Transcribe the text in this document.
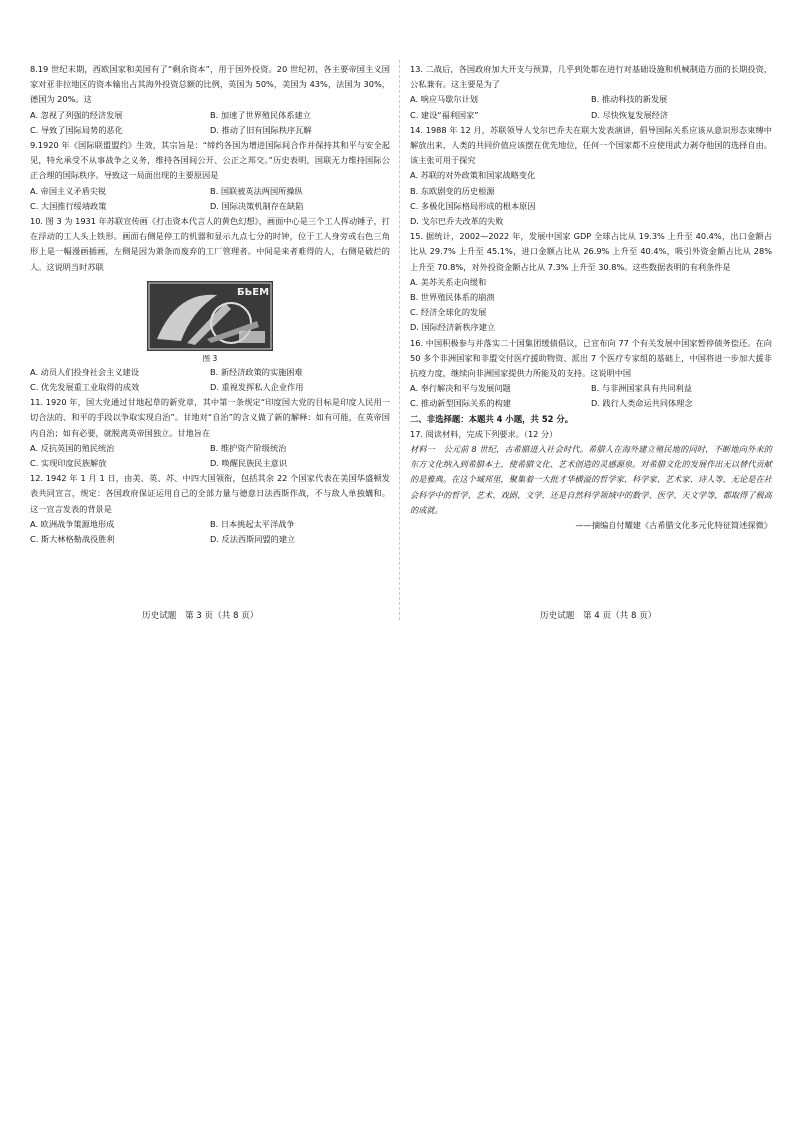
8.19 世纪末期，西欧国家和美国有了“剩余资本”，用于国外投资。20 世纪初，各主要帝国主义国家对亚非拉地区的资本输出占其海外投资总额的比例，英国为 50%，美国为 43%，法国为 30%，德国为 20%。这

A. 忽视了列强的经济发展	B. 加速了世界殖民体系建立
C. 导致了国际局势的恶化	D. 推动了旧有国际秩序瓦解

9.1920 年《国际联盟盟约》生效，其宗旨是：“缔约各国为增进国际间合作并保持其和平与安全起见，特允承受不从事战争之义务，维持各国间公开、公正之邦交。”历史表明，国联无力维持国际公正合理的国际秩序。导致这一局面出现的主要原因是

A. 帝国主义矛盾尖锐	B. 国联被英法两国所操纵
C. 大国推行绥靖政策	D. 国际决策机制存在缺陷

10. 图 3 为 1931 年苏联宣传画《打击资本代言人的黄色幻想》，画面中心是三个工人挥动锤子，打在浮动的工人头上铁形。画面右侧是停工的机器和显示九点七分的时钟，位于工人身旁或右色三角形上是一幅漫画插画，左侧是因为萧条而废弃的工厂管理者。中间是来者难得的人，右侧是破烂的人。这说明当时苏联

БЬЕМ

图 3

A. 动员人们投身社会主义建设	B. 新经济政策的实施困难
C. 优先发展重工业取得的成效	D. 重视发挥私人企业作用

11. 1920 年，国大党通过甘地起草的新党章，其中第一条规定“印度国大党的目标是印度人民用一切合法的、和平的手段以争取实现自治”。甘地对“自治”的含义做了新的解释：如有可能，在英帝国内自治；如有必要，就脱离英帝国独立。甘地旨在

A. 反抗英国的殖民统治	B. 维护资产阶级统治
C. 实现印度民族解放	D. 唤醒民族民主意识

12. 1942 年 1 月 1 日，由美、英、苏、中四大国领衔，包括其余 22 个国家代表在美国华盛顿发表共同宣言，规定：各国政府保证运用自己的全部力量与德意日法西斯作战，不与敌人单独媾和。这一宣言发表的背景是

A. 欧洲战争策源地形成	B. 日本挑起太平洋战争
C. 斯大林格勒战役胜利	D. 反法西斯同盟的建立

13. 二战后，各国政府加大开支与预算，几乎到处都在进行对基础设施和机械制造方面的长期投资，公私兼有。这主要是为了

A. 响应马歇尔计划	B. 推动科技的新发展
C. 建设“福利国家”	D. 尽快恢复发展经济

14. 1988 年 12 月，苏联领导人戈尔巴乔夫在联大发表演讲，倡导国际关系应该从意识形态束缚中解放出来，人类的共同价值应该摆在优先地位，任何一个国家都不应使用武力剥夺他国的选择自由。该主张可用于探究

A. 苏联的对外政策和国家战略变化
B. 东欧剧变的历史根源
C. 多极化国际格局形成的根本原因
D. 戈尔巴乔夫改革的失败

15. 据统计，2002—2022 年，发展中国家 GDP 全球占比从 19.3% 上升至 40.4%，出口金额占比从 29.7% 上升至 45.1%，进口金额占比从 26.9% 上升至 40.4%，吸引外资金额占比从 28% 上升至 70.8%，对外投资金额占比从 7.3% 上升至 30.8%。这些数据表明的有利条件是

A. 美苏关系走向缓和
B. 世界殖民体系的崩溃
C. 经济全球化的发展
D. 国际经济新秩序建立

16. 中国积极参与并落实二十国集团缓债倡议，已宣布向 77 个有关发展中国家暂停债务偿还。在向 50 多个非洲国家和非盟交付医疗援助物资、派出 7 个医疗专家组的基础上，中国将进一步加大援非抗疫力度，继续向非洲国家提供力所能及的支持。这说明中国

A. 奉行解决和平与发展问题	B. 与非洲国家具有共同利益
C. 推动新型国际关系的构建	D. 践行人类命运共同体理念

二、非选择题：本题共 4 小题，共 52 分。

17. 阅读材料，完成下列要求。（12 分）

材料一　公元前 8 世纪，古希腊进入社会时代。希腊人在海外建立殖民地的同时，不断地向外来的东方文化纳入到希腊本土，使希腊文化、艺术创造的灵感源泉。对希腊文化的发展作出无以替代贡献的是雅典。在这个城邦里，聚集着一大批才华横溢的哲学家、科学家、艺术家、诗人等，无论是在社会科学中的哲学、艺术、戏剧、文学，还是自然科学领域中的数学、医学、天文学等，都取得了极高的成就。

——摘编自付耀建《古希腊文化多元化特征简述探微》

历史试题　第 3 页（共 8 页）	历史试题　第 4 页（共 8 页）
